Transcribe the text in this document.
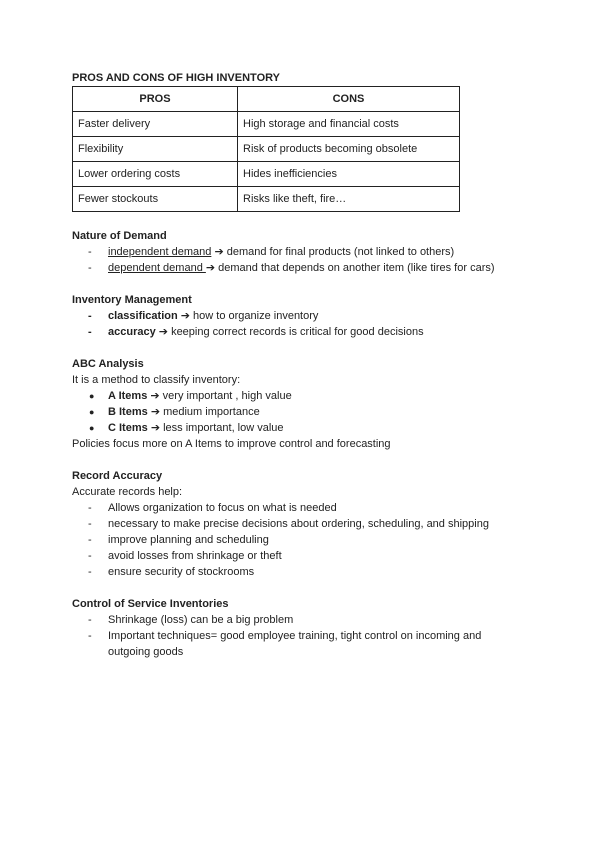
PROS AND CONS OF HIGH INVENTORY
PROS	CONS
Faster delivery	High storage and financial costs
Flexibility	Risk of products becoming obsolete
Lower ordering costs	Hides inefficiencies
Fewer stockouts	Risks like theft, fire…
Nature of Demand
- independent demand ➔ demand for final products (not linked to others)
- dependent demand ➔ demand that depends on another item (like tires for cars)
Inventory Management
- classification ➔ how to organize inventory
- accuracy ➔ keeping correct records is critical for good decisions
ABC Analysis
It is a method to classify inventory:
● A Items ➔ very important , high value
● B Items ➔ medium importance
● C Items ➔ less important, low value
Policies focus more on A Items to improve control and forecasting
Record Accuracy
Accurate records help:
- Allows organization to focus on what is needed
- necessary to make precise decisions about ordering, scheduling, and shipping
- improve planning and scheduling
- avoid losses from shrinkage or theft
- ensure security of stockrooms
Control of Service Inventories
- Shrinkage (loss) can be a big problem
- Important techniques= good employee training, tight control on incoming and outgoing goods
